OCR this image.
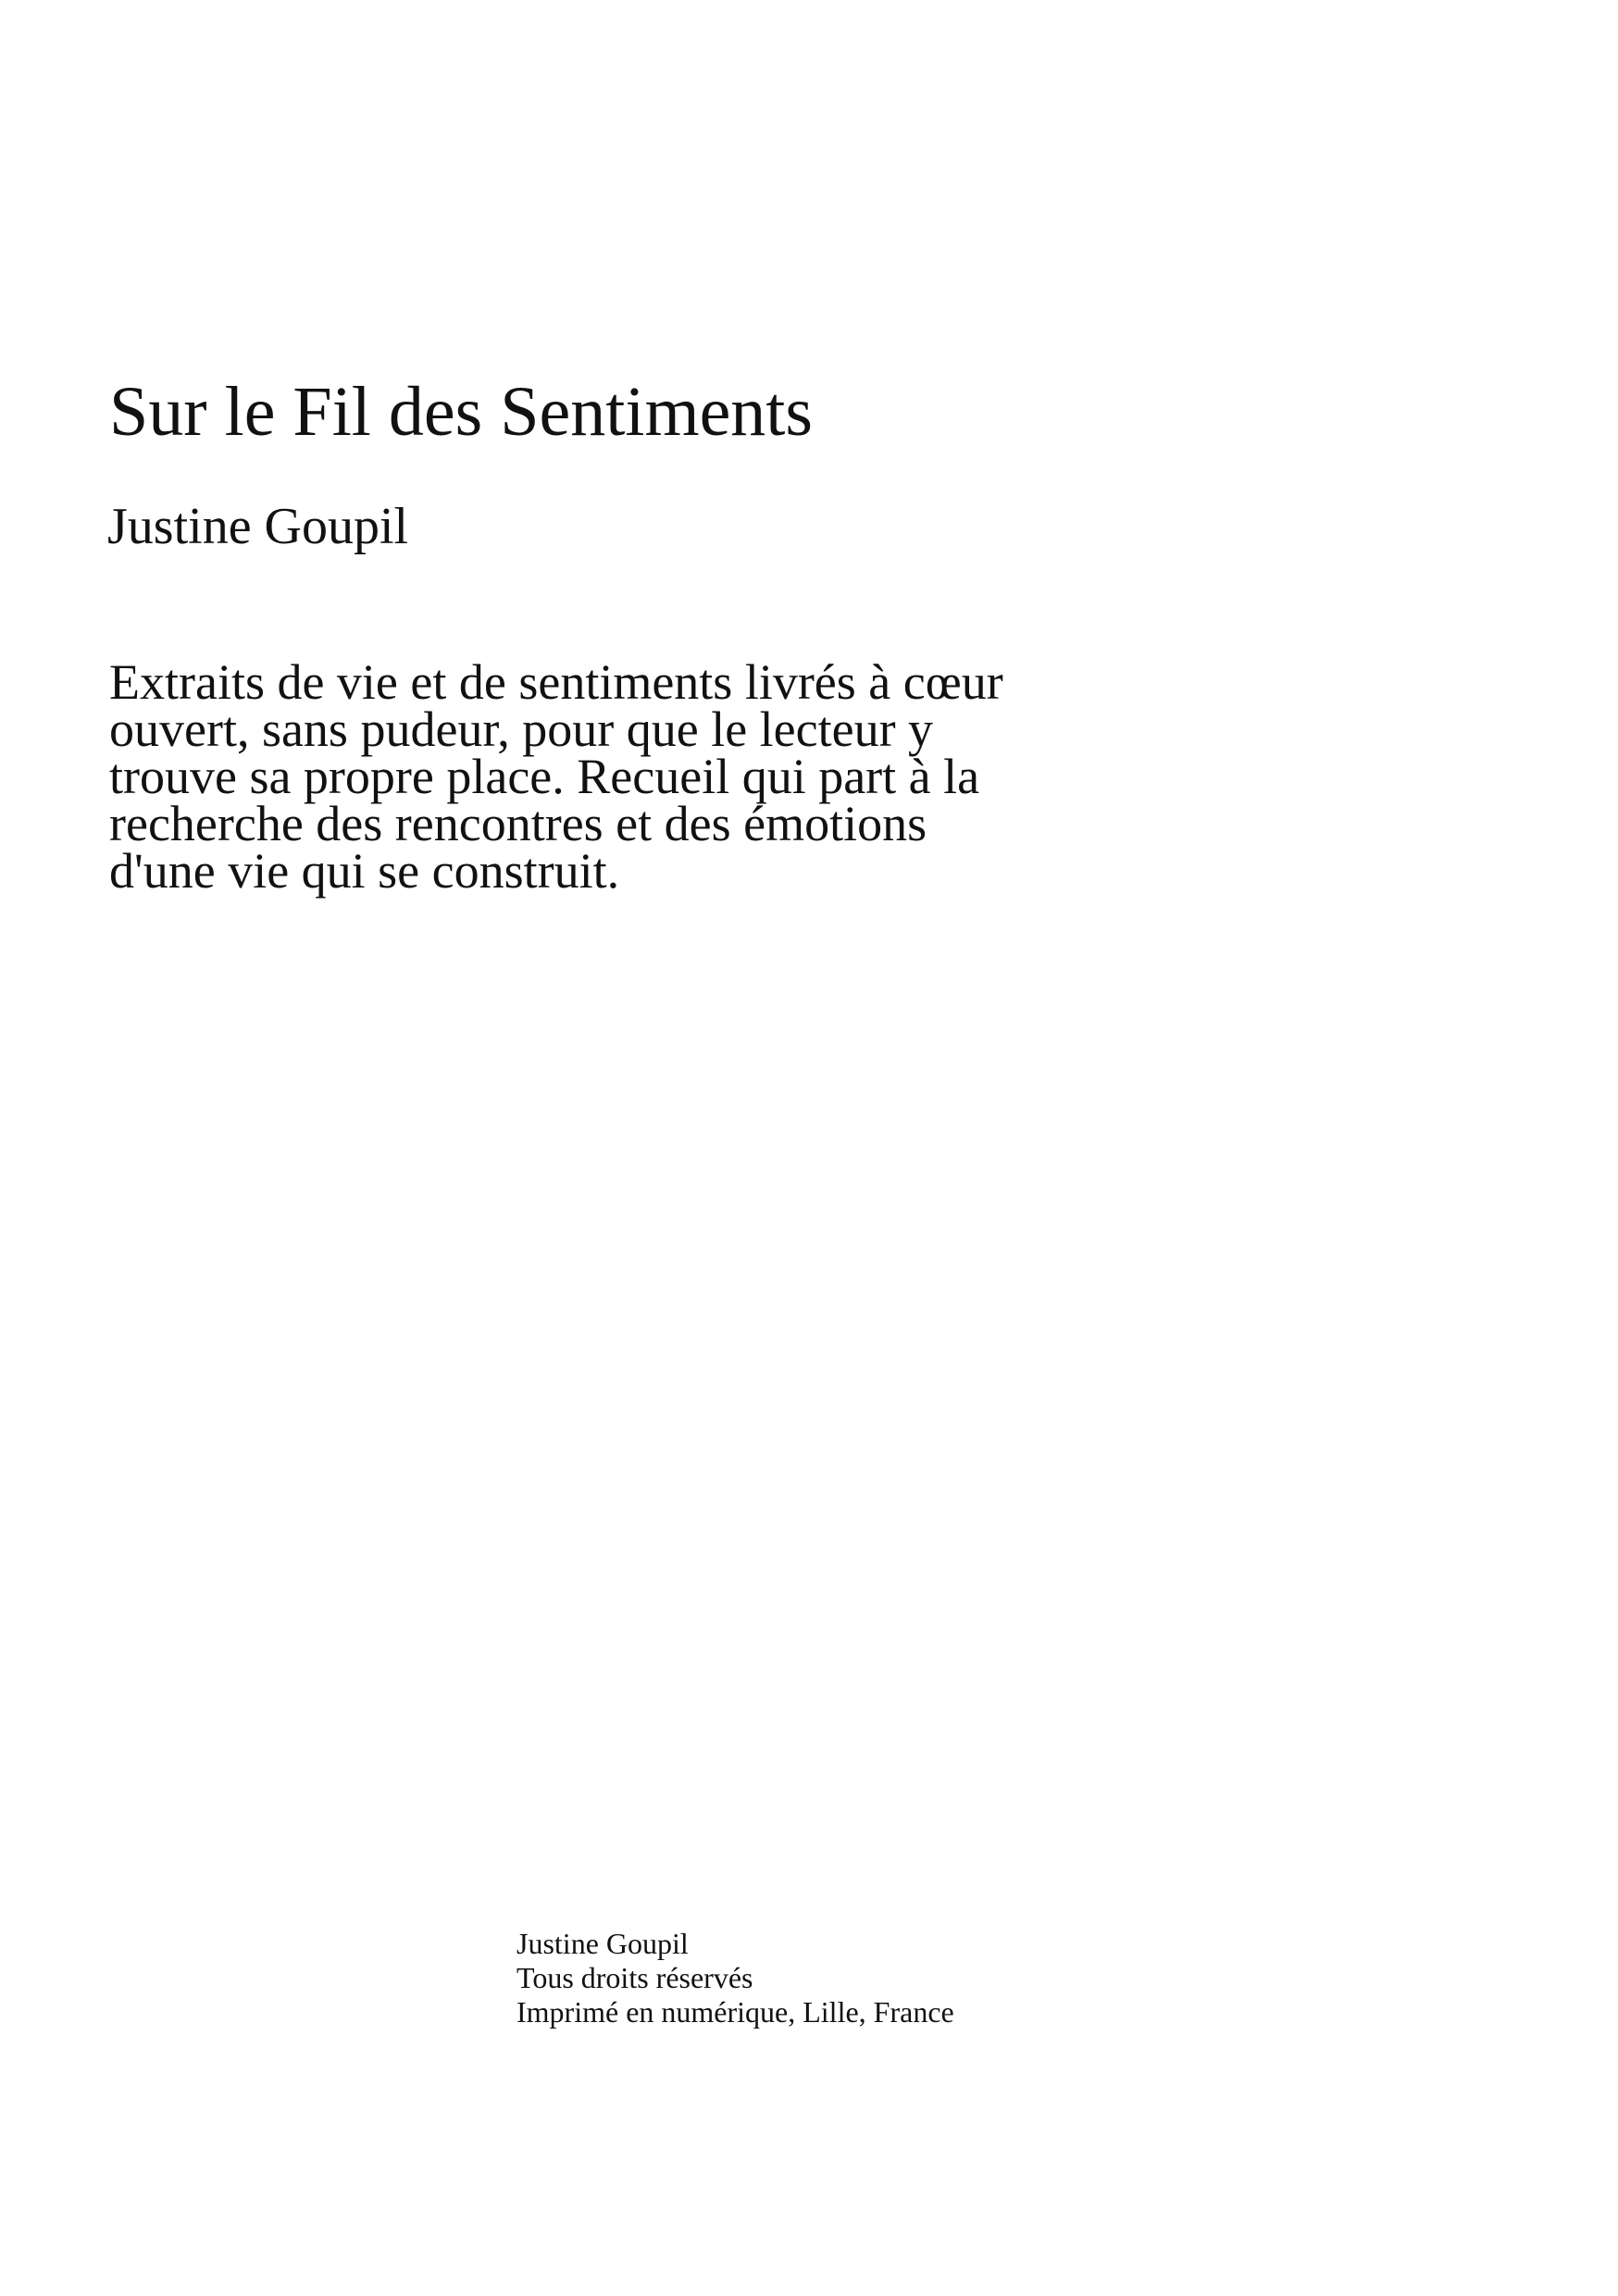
Sur le Fil des Sentiments
Justine Goupil

Extraits de vie et de sentiments livrés à cœur
ouvert, sans pudeur, pour que le lecteur y
trouve sa propre place. Recueil qui part à la
recherche des rencontres et des émotions
d'une vie qui se construit.

Justine Goupil
Tous droits réservés
Imprimé en numérique, Lille, France
